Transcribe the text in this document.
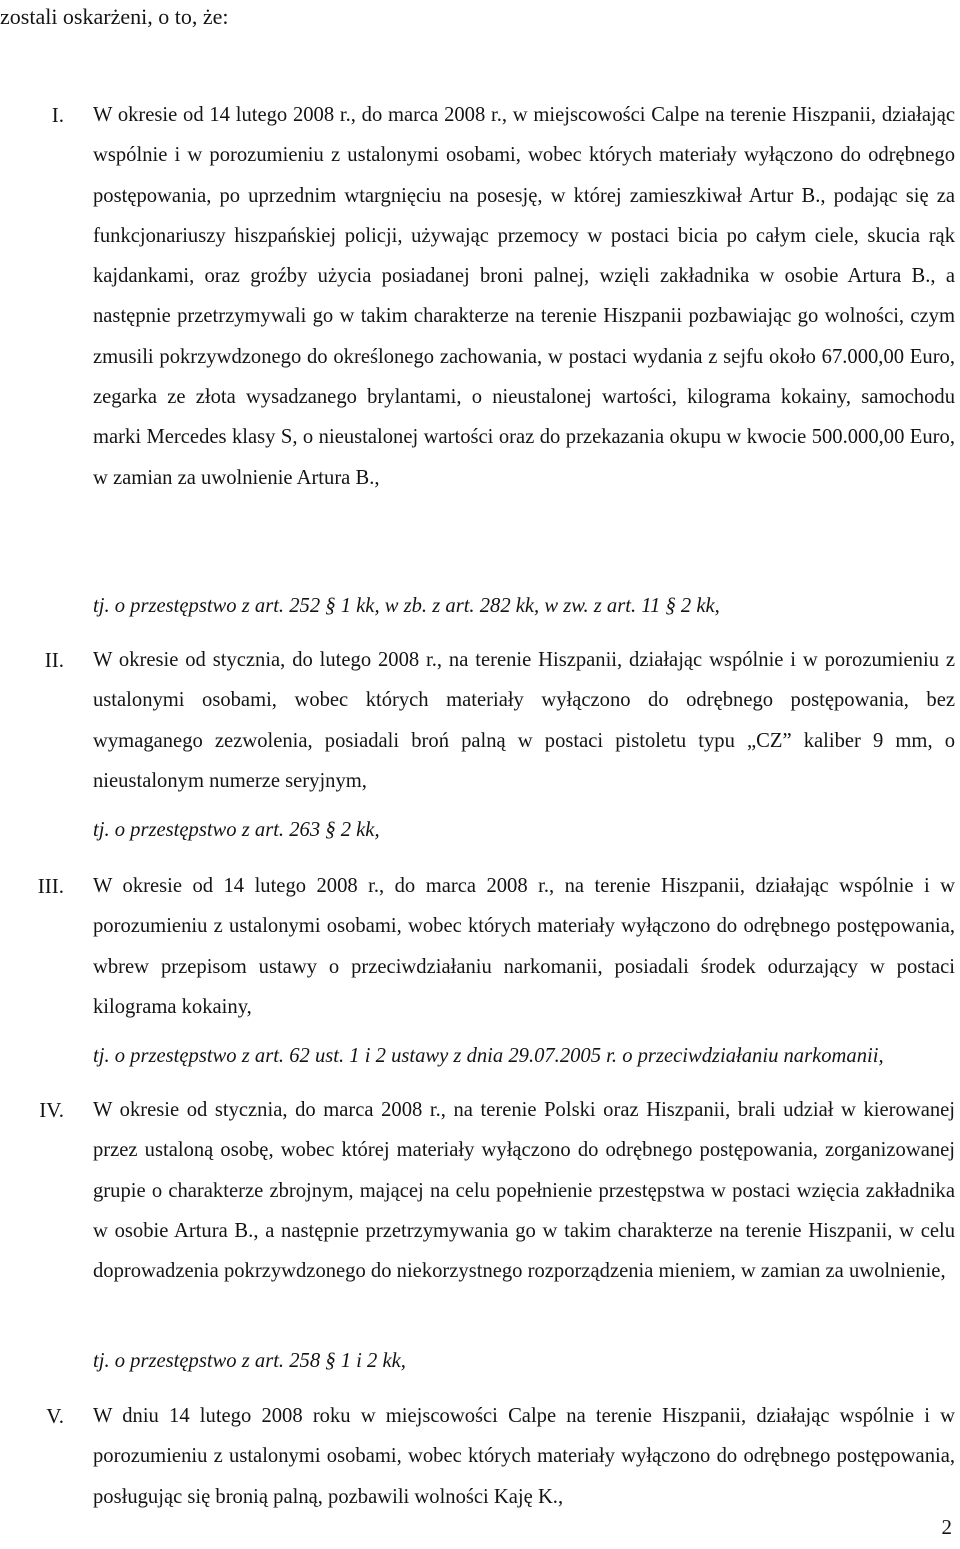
zostali oskarżeni, o to, że:
I. W okresie od 14 lutego 2008 r., do marca 2008 r., w miejscowości Calpe na terenie Hiszpanii, działając wspólnie i w porozumieniu z ustalonymi osobami, wobec których materiały wyłączono do odrębnego postępowania, po uprzednim wtargnięciu na posesję, w której zamieszkiwał Artur B., podając się za funkcjonariuszy hiszpańskiej policji, używając przemocy w postaci bicia po całym ciele, skucia rąk kajdankami, oraz groźby użycia posiadanej broni palnej, wzięli zakładnika w osobie Artura B., a następnie przetrzymywali go w takim charakterze na terenie Hiszpanii pozbawiając go wolności, czym zmusili pokrzywdzonego do określonego zachowania, w postaci wydania z sejfu około 67.000,00 Euro, zegarka ze złota wysadzanego brylantami, o nieustalonej wartości, kilograma kokainy, samochodu marki Mercedes klasy S, o nieustalonej wartości oraz do przekazania okupu w kwocie 500.000,00 Euro, w zamian za uwolnienie Artura B.,
tj. o przestępstwo z art. 252 § 1 kk, w zb. z art. 282 kk, w zw. z art. 11 § 2 kk,
II. W okresie od stycznia, do lutego 2008 r., na terenie Hiszpanii, działając wspólnie i w porozumieniu z ustalonymi osobami, wobec których materiały wyłączono do odrębnego postępowania, bez wymaganego zezwolenia, posiadali broń palną w postaci pistoletu typu „CZ” kaliber 9 mm, o nieustalonym numerze seryjnym,
tj. o przestępstwo z art. 263 § 2 kk,
III. W okresie od 14 lutego 2008 r., do marca 2008 r., na terenie Hiszpanii, działając wspólnie i w porozumieniu z ustalonymi osobami, wobec których materiały wyłączono do odrębnego postępowania, wbrew przepisom ustawy o przeciwdziałaniu narkomanii, posiadali środek odurzający w postaci kilograma kokainy,
tj. o przestępstwo z art. 62 ust. 1 i 2 ustawy z dnia 29.07.2005 r. o przeciwdziałaniu narkomanii,
IV. W okresie od stycznia, do marca 2008 r., na terenie Polski oraz Hiszpanii, brali udział w kierowanej przez ustaloną osobę, wobec której materiały wyłączono do odrębnego postępowania, zorganizowanej grupie o charakterze zbrojnym, mającej na celu popełnienie przestępstwa w postaci wzięcia zakładnika w osobie Artura B., a następnie przetrzymywania go w takim charakterze na terenie Hiszpanii, w celu doprowadzenia pokrzywdzonego do niekorzystnego rozporządzenia mieniem, w zamian za uwolnienie,
tj. o przestępstwo z art. 258 § 1 i 2 kk,
V. W dniu 14 lutego 2008 roku w miejscowości Calpe na terenie Hiszpanii, działając wspólnie i w porozumieniu z ustalonymi osobami, wobec których materiały wyłączono do odrębnego postępowania, posługując się bronią palną, pozbawili wolności Kaję K.,
2
